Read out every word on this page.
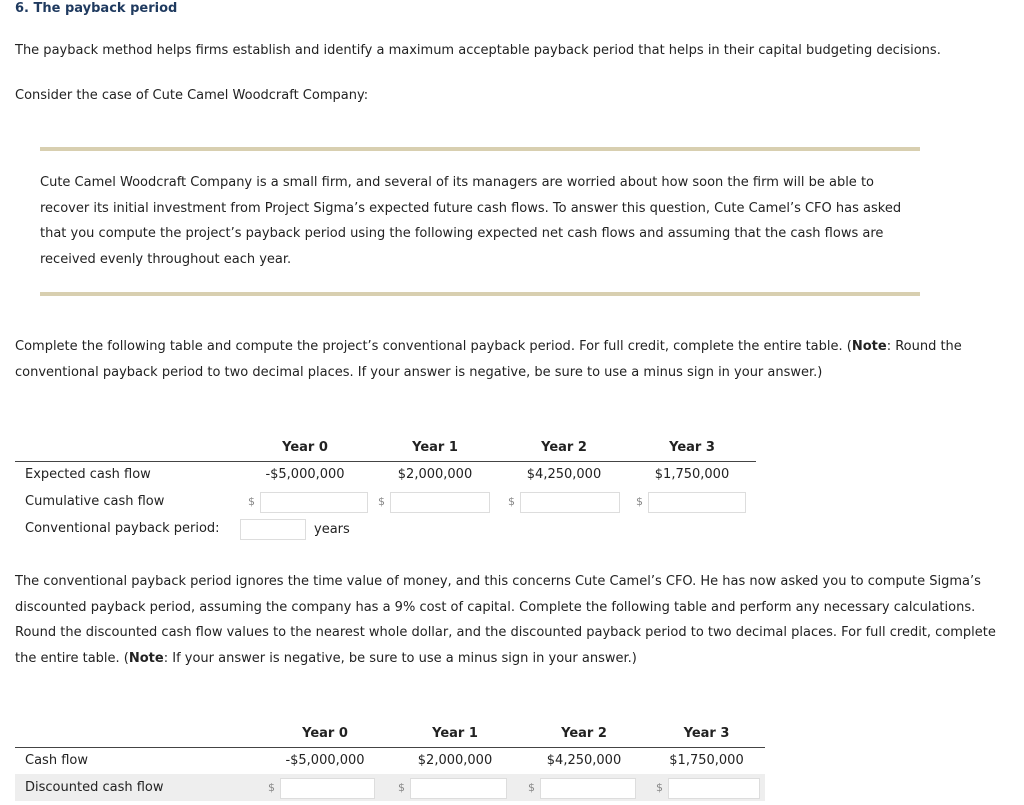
6. The payback period
The payback method helps firms establish and identify a maximum acceptable payback period that helps in their capital budgeting decisions.
Consider the case of Cute Camel Woodcraft Company:
Cute Camel Woodcraft Company is a small firm, and several of its managers are worried about how soon the firm will be able to recover its initial investment from Project Sigma’s expected future cash flows. To answer this question, Cute Camel’s CFO has asked that you compute the project’s payback period using the following expected net cash flows and assuming that the cash flows are received evenly throughout each year.
Complete the following table and compute the project’s conventional payback period. For full credit, complete the entire table. (Note: Round the conventional payback period to two decimal places. If your answer is negative, be sure to use a minus sign in your answer.)
	Year 0	Year 1	Year 2	Year 3
Expected cash flow	-$5,000,000	$2,000,000	$4,250,000	$1,750,000
Cumulative cash flow	$	$	$	$

Conventional payback period:	years			

The conventional payback period ignores the time value of money, and this concerns Cute Camel’s CFO. He has now asked you to compute Sigma’s discounted payback period, assuming the company has a 9% cost of capital. Complete the following table and perform any necessary calculations. Round the discounted cash flow values to the nearest whole dollar, and the discounted payback period to two decimal places. For full credit, complete the entire table. (Note: If your answer is negative, be sure to use a minus sign in your answer.)
	Year 0	Year 1	Year 2	Year 3
Cash flow	-$5,000,000	$2,000,000	$4,250,000	$1,750,000
Discounted cash flow	$	$	$	$
